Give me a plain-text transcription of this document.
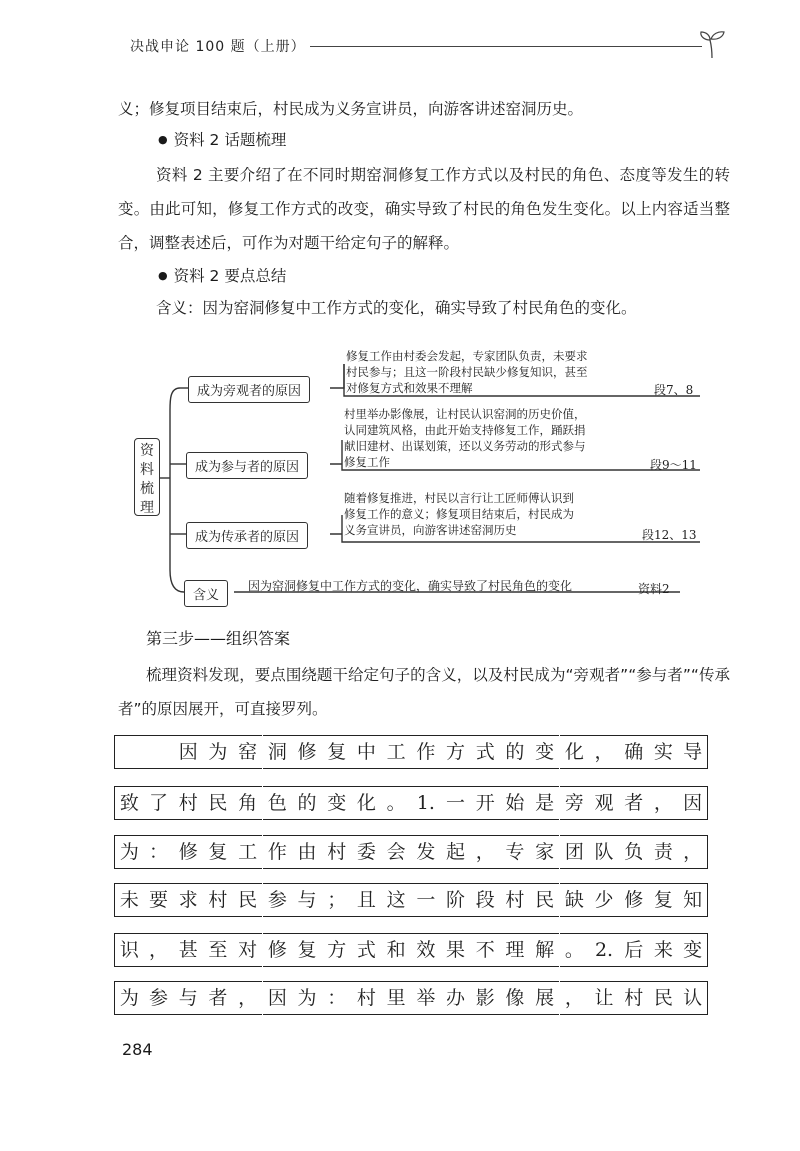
决战申论 100 题（上册）
义；修复项目结束后，村民成为义务宣讲员，向游客讲述窑洞历史。
● 资料 2 话题梳理
资料 2 主要介绍了在不同时期窑洞修复工作方式以及村民的角色、态度等发生的转变。由此可知，修复工作方式的改变，确实导致了村民的角色发生变化。以上内容适当整合，调整表述后，可作为对题干给定句子的解释。
● 资料 2 要点总结
含义：因为窑洞修复中工作方式的变化，确实导致了村民角色的变化。
资料梳理
成为旁观者的原因
修复工作由村委会发起，专家团队负责，未要求
村民参与；且这一阶段村民缺少修复知识，甚至
对修复方式和效果不理解	段7、8
成为参与者的原因
村里举办影像展，让村民认识窑洞的历史价值，
认同建筑风格，由此开始支持修复工作，踊跃捐
献旧建材、出谋划策，还以义务劳动的形式参与
修复工作	段9～11
成为传承者的原因
随着修复推进，村民以言行让工匠师傅认识到
修复工作的意义；修复项目结束后，村民成为
义务宣讲员，向游客讲述窑洞历史	段12、13
含义
因为窑洞修复中工作方式的变化，确实导致了村民角色的变化	资料2
第三步——组织答案
梳理资料发现，要点围绕题干给定句子的含义，以及村民成为“旁观者”“参与者”“传承者”的原因展开，可直接罗列。
因 为 窑 洞 修 复 中 工 作 方 式 的 变 化 ， 确 实 导
致 了 村 民 角 色 的 变 化 。 1. 一 开 始 是 旁 观 者 ， 因
为 ： 修 复 工 作 由 村 委 会 发 起 ， 专 家 团 队 负 责 ，
未 要 求 村 民 参 与 ； 且 这 一 阶 段 村 民 缺 少 修 复 知
识 ， 甚 至 对 修 复 方 式 和 效 果 不 理 解 。 2. 后 来 变
为 参 与 者 ， 因 为 ： 村 里 举 办 影 像 展 ， 让 村 民 认
284
